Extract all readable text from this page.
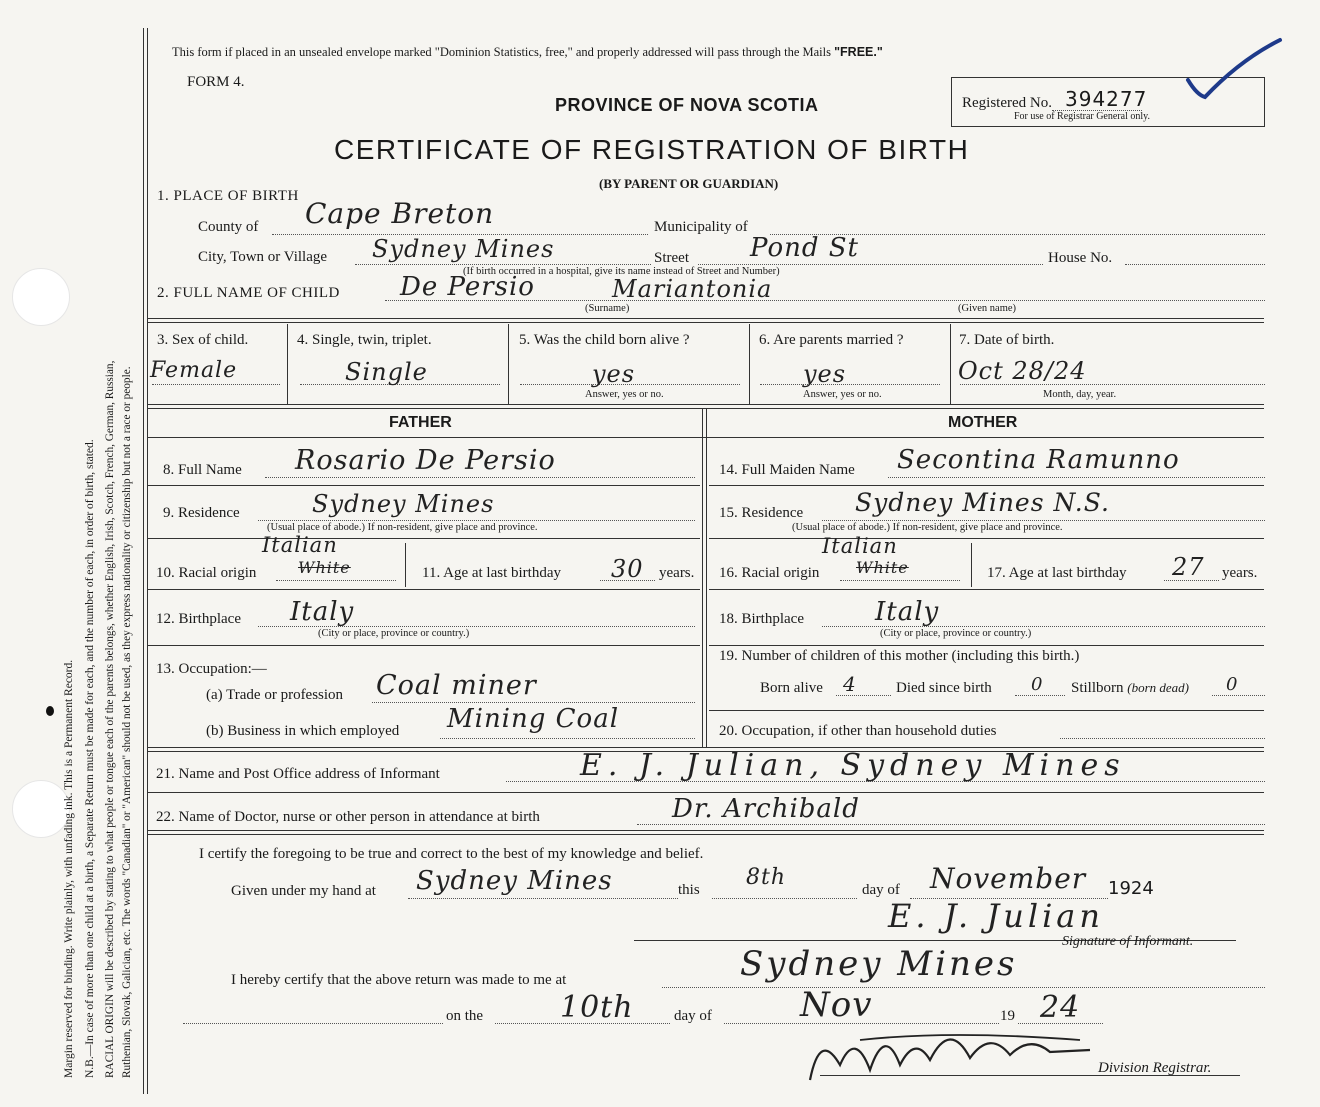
Margin reserved for binding. Write plainly, with unfading ink. This is a Permanent Record. N.B.—In case of more than one child at a birth, a Separate Return must be made for each, and the number of each, in order of birth, stated. RACIAL ORIGIN will be described by stating to what people or tongue each of the parents belongs, whether English, Irish, Scotch, French, German, Russian, Ruthenian, Slovak, Galician, etc. The words "Canadian" or "American" should not be used, as they express nationality or citizenship but not a race or people.
This form if placed in an unsealed envelope marked "Dominion Statistics, free," and properly addressed will pass through the Mails "FREE."
FORM 4.
PROVINCE OF NOVA SCOTIA	Registered No. 394277
For use of Registrar General only.
CERTIFICATE OF REGISTRATION OF BIRTH
(BY PARENT OR GUARDIAN)
1. PLACE OF BIRTH
County of Cape Breton	Municipality of
City, Town or Village Sydney Mines	Street Pond St	House No.
(If birth occurred in a hospital, give its name instead of Street and Number)
2. FULL NAME OF CHILD De Persio	Mariantonia
(Surname)	(Given name)
3. Sex of child.
Female
4. Single, twin, triplet.
Single
5. Was the child born alive ?
yes
Answer, yes or no.
6. Are parents married ?
yes
Answer, yes or no.
7. Date of birth.
Oct 28/24
Month, day, year.
FATHER	MOTHER
8. Full Name Rosario De Persio
9. Residence	Sydney Mines
(Usual place of abode.) If non-resident, give place and province.
10. Racial origin
Italian
White	11. Age at last birthday 30 years.
12. Birthplace Italy
(City or place, province or country.)
13. Occupation:—
(a) Trade or profession Coal miner
(b) Business in which employed Mining Coal
14. Full Maiden Name Secontina Ramunno
15. Residence Sydney Mines N.S.
(Usual place of abode.) If non-resident, give place and province.
16. Racial origin
Italian
White	17. Age at last birthday 27 years.
18. Birthplace	Italy
(City or place, province or country.)
19. Number of children of this mother (including this birth.)
Born alive 4	Died since birth 0 Stillborn (born dead) 0
20. Occupation, if other than household duties
21. Name and Post Office address of Informant	E. J. Julian, Sydney Mines
22. Name of Doctor, nurse or other person in attendance at birth	Dr. Archibald
I certify the foregoing to be true and correct to the best of my knowledge and belief.
Given under my hand at Sydney Mines	this 8th	day of November 1924
E. J. Julian
Signature of Informant.
I hereby certify that the above return was made to me at	Sydney Mines
on the	10th	day of	Nov	19 24
Division Registrar.
